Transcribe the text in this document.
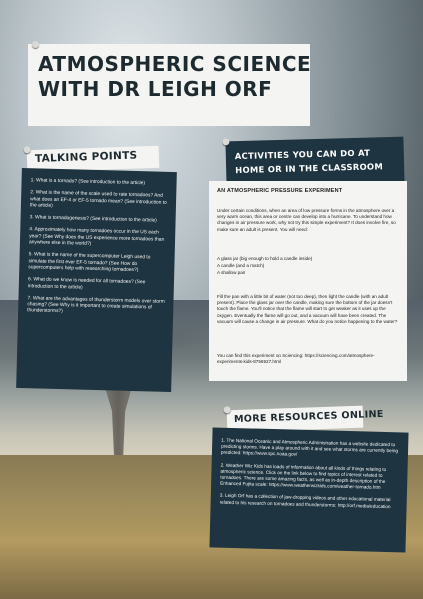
ATMOSPHERIC SCIENCE
WITH DR LEIGH ORF
TALKING POINTS
1. What is a tornado? (See introduction to the article)
2. What is the name of the scale used to rate tornadoes? And what does an EF-4 or EF-5 tornado mean? (See introduction to the article)
3. What is tornadogenesis? (See introduction to the article)
4. Approximately how many tornadoes occur in the US each year? (See Why does the US experience more tornadoes than anywhere else in the world?)
5. What is the name of the supercomputer Leigh used to simulate the first ever EF-5 tornado? (See How do supercomputers help with researching tornadoes?)
6. What do we know is needed for all tornadoes? (See introduction to the article)
7. What are the advantages of thunderstorm models over storm chasing? (See Why is it important to create simulations of thunderstorms?)
ACTIVITIES YOU CAN DO AT
HOME OR IN THE CLASSROOM
AN ATMOSPHERIC PRESSURE EXPERIMENT

Under certain conditions, when an area of low pressure forms in the atmosphere over a very warm ocean, this area or centre can develop into a hurricane. To understand how changes in air pressure work, why not try this simple experiment? It does involve fire, so make sure an adult is present. You will need:

A glass jar (big enough to hold a candle inside)

A candle (and a match)

A shallow pan

Fill the pan with a little bit of water (not too deep), then light the candle (with an adult present). Place the glass jar over the candle, making sure the bottom of the jar doesn't touch the flame. You'll notice that the flame will start to get weaker as it uses up the oxygen. Eventually the flame will go out, and a vacuum will have been created. The vacuum will cause a change in air pressure. What do you notice happening to the water?

You can find this experiment on Sciencing: https://sciencing.com/atmosphere-experiments-kids-8756927.html

MORE RESOURCES ONLINE
1. The National Oceanic and Atmospheric Administration has a website dedicated to predicting storms. Have a play around with it and see what storms are currently being predicted: https://www.spc.noaa.gov/
2. Weather Wiz Kids has loads of information about all kinds of things relating to atmospheric science. Click on the link below to find topics of interest related to tornadoes. There are some amazing facts, as well as in-depth description of the Enhanced Fujita scale: https://www.weatherwizkids.com/weather-tornado.htm
3. Leigh Orf has a collection of jaw-dropping videos and other educational material related to his research on tornadoes and thunderstorms: http://orf.media/education
